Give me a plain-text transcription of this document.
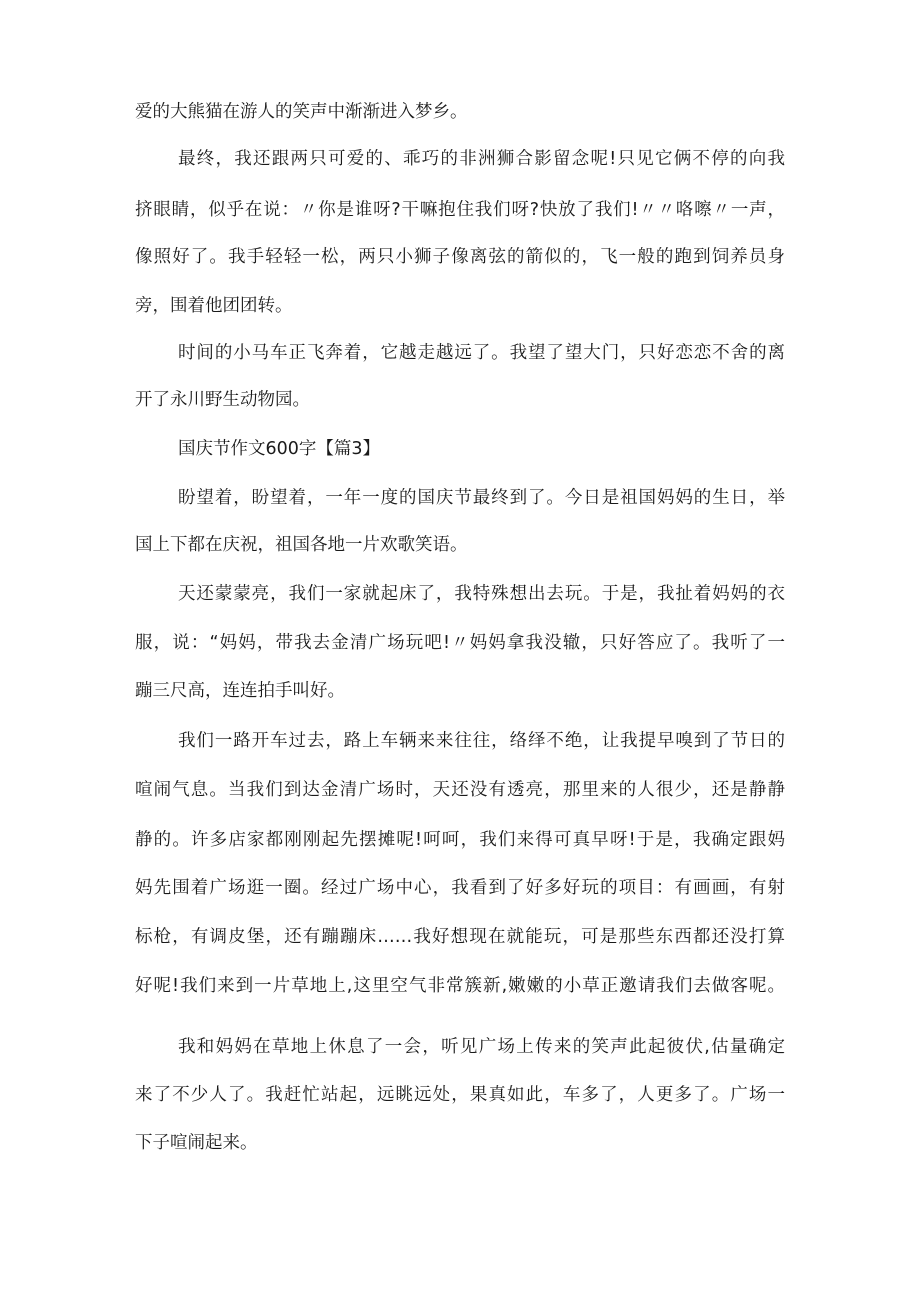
爱的大熊猫在游人的笑声中渐渐进入梦乡。

最终，我还跟两只可爱的、乖巧的非洲狮合影留念呢!只见它俩不停的向我

挤眼睛，似乎在说：〃你是谁呀?干嘛抱住我们呀?快放了我们!〃〃咯嚓〃一声，

像照好了。我手轻轻一松，两只小狮子像离弦的箭似的，飞一般的跑到饲养员身

旁，围着他团团转。

时间的小马车正飞奔着，它越走越远了。我望了望大门，只好恋恋不舍的离

开了永川野生动物园。

国庆节作文600字【篇3】

盼望着，盼望着，一年一度的国庆节最终到了。今日是祖国妈妈的生日，举

国上下都在庆祝，祖国各地一片欢歌笑语。

天还蒙蒙亮，我们一家就起床了，我特殊想出去玩。于是，我扯着妈妈的衣

服，说：“妈妈，带我去金清广场玩吧!〃妈妈拿我没辙，只好答应了。我听了一

蹦三尺高，连连拍手叫好。

我们一路开车过去，路上车辆来来往往，络绎不绝，让我提早嗅到了节日的

喧闹气息。当我们到达金清广场时，天还没有透亮，那里来的人很少，还是静静

静的。许多店家都刚刚起先摆摊呢!呵呵，我们来得可真早呀!于是，我确定跟妈

妈先围着广场逛一圈。经过广场中心，我看到了好多好玩的项目：有画画，有射

标枪，有调皮堡，还有蹦蹦床……我好想现在就能玩，可是那些东西都还没打算

好呢!我们来到一片草地上,这里空气非常簇新,嫩嫩的小草正邀请我们去做客呢。

我和妈妈在草地上休息了一会，听见广场上传来的笑声此起彼伏,估量确定

来了不少人了。我赶忙站起，远眺远处，果真如此，车多了，人更多了。广场一

下子喧闹起来。
